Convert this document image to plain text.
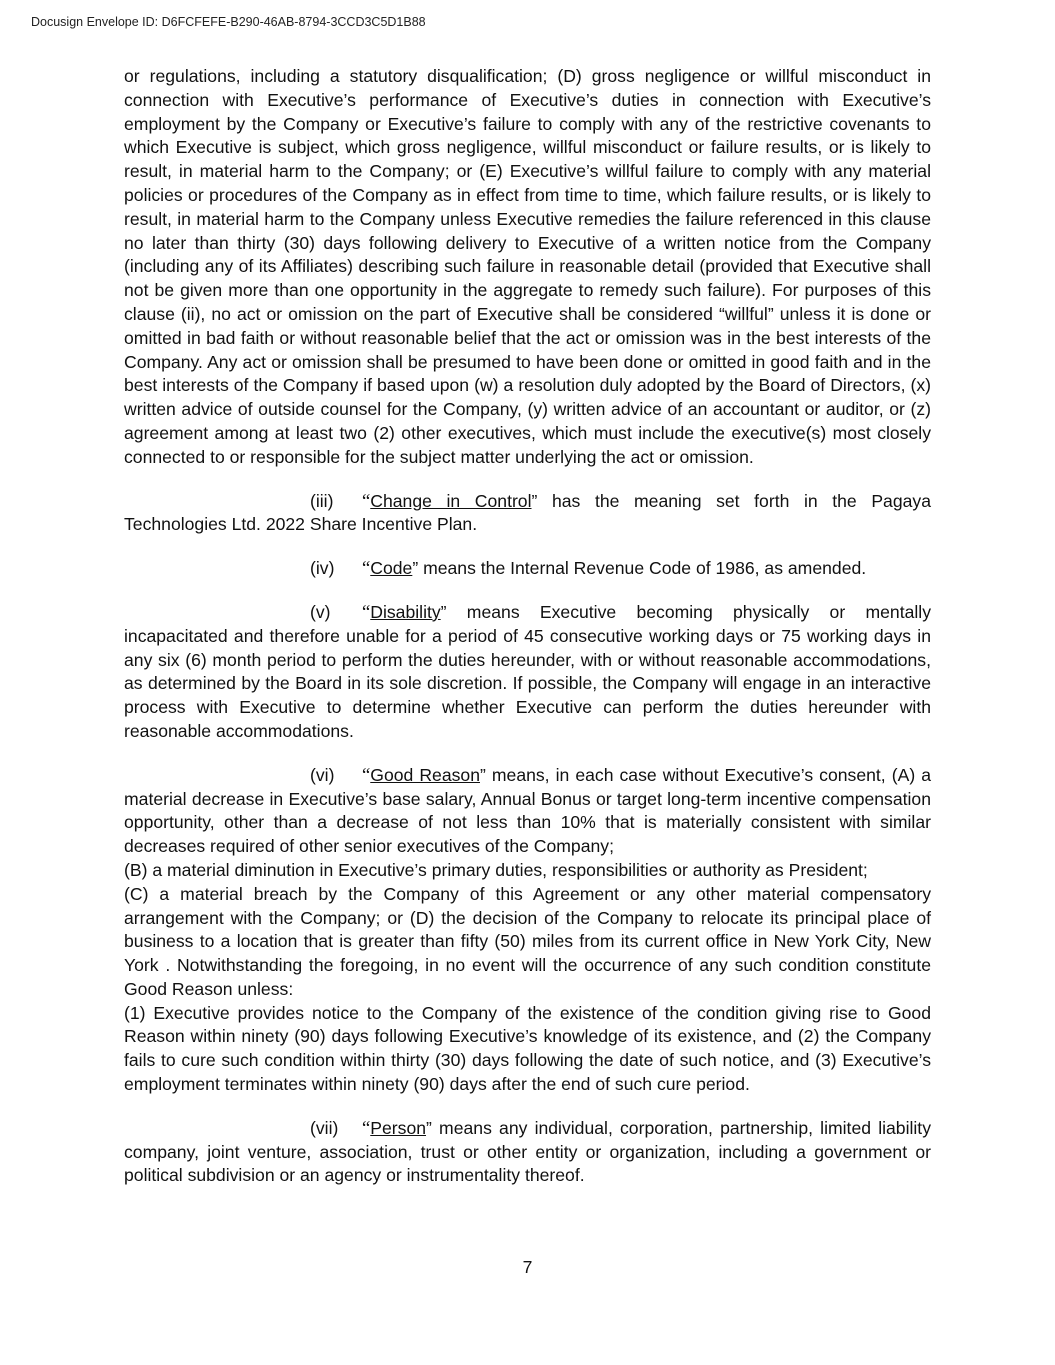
Docusign Envelope ID: D6FCFEFE-B290-46AB-8794-3CCD3C5D1B88

or regulations, including a statutory disqualification; (D) gross negligence or willful misconduct in connection with Executive’s performance of Executive’s duties in connection with Executive’s employment by the Company or Executive’s failure to comply with any of the restrictive covenants to which Executive is subject, which gross negligence, willful misconduct or failure results, or is likely to result, in material harm to the Company; or (E) Executive’s willful failure to comply with any material policies or procedures of the Company as in effect from time to time, which failure results, or is likely to result, in material harm to the Company unless Executive remedies the failure referenced in this clause no later than thirty (30) days following delivery to Executive of a written notice from the Company (including any of its Affiliates) describing such failure in reasonable detail (provided that Executive shall not be given more than one opportunity in the aggregate to remedy such failure). For purposes of this clause (ii), no act or omission on the part of Executive shall be considered “willful” unless it is done or omitted in bad faith or without reasonable belief that the act or omission was in the best interests of the Company. Any act or omission shall be presumed to have been done or omitted in good faith and in the best interests of the Company if based upon (w) a resolution duly adopted by the Board of Directors, (x) written advice of outside counsel for the Company, (y) written advice of an accountant or auditor, or (z) agreement among at least two (2) other executives, which must include the executive(s) most closely connected to or responsible for the subject matter underlying the act or omission.

(iii) “Change in Control” has the meaning set forth in the Pagaya Technologies Ltd. 2022 Share Incentive Plan.

(iv) “Code” means the Internal Revenue Code of 1986, as amended.

(v) “Disability” means Executive becoming physically or mentally incapacitated and therefore unable for a period of 45 consecutive working days or 75 working days in any six (6) month period to perform the duties hereunder, with or without reasonable accommodations, as determined by the Board in its sole discretion. If possible, the Company will engage in an interactive process with Executive to determine whether Executive can perform the duties hereunder with reasonable accommodations.

(vi) “Good Reason” means, in each case without Executive’s consent, (A) a material decrease in Executive’s base salary, Annual Bonus or target long-term incentive compensation opportunity, other than a decrease of not less than 10% that is materially consistent with similar decreases required of other senior executives of the Company;

(B) a material diminution in Executive’s primary duties, responsibilities or authority as President;

(C) a material breach by the Company of this Agreement or any other material compensatory arrangement with the Company; or (D) the decision of the Company to relocate its principal place of business to a location that is greater than fifty (50) miles from its current office in New York City, New York . Notwithstanding the foregoing, in no event will the occurrence of any such condition constitute Good Reason unless:

(1) Executive provides notice to the Company of the existence of the condition giving rise to Good Reason within ninety (90) days following Executive’s knowledge of its existence, and (2) the Company fails to cure such condition within thirty (30) days following the date of such notice, and (3) Executive’s employment terminates within ninety (90) days after the end of such cure period.

(vii) “Person” means any individual, corporation, partnership, limited liability company, joint venture, association, trust or other entity or organization, including a government or political subdivision or an agency or instrumentality thereof.

7
